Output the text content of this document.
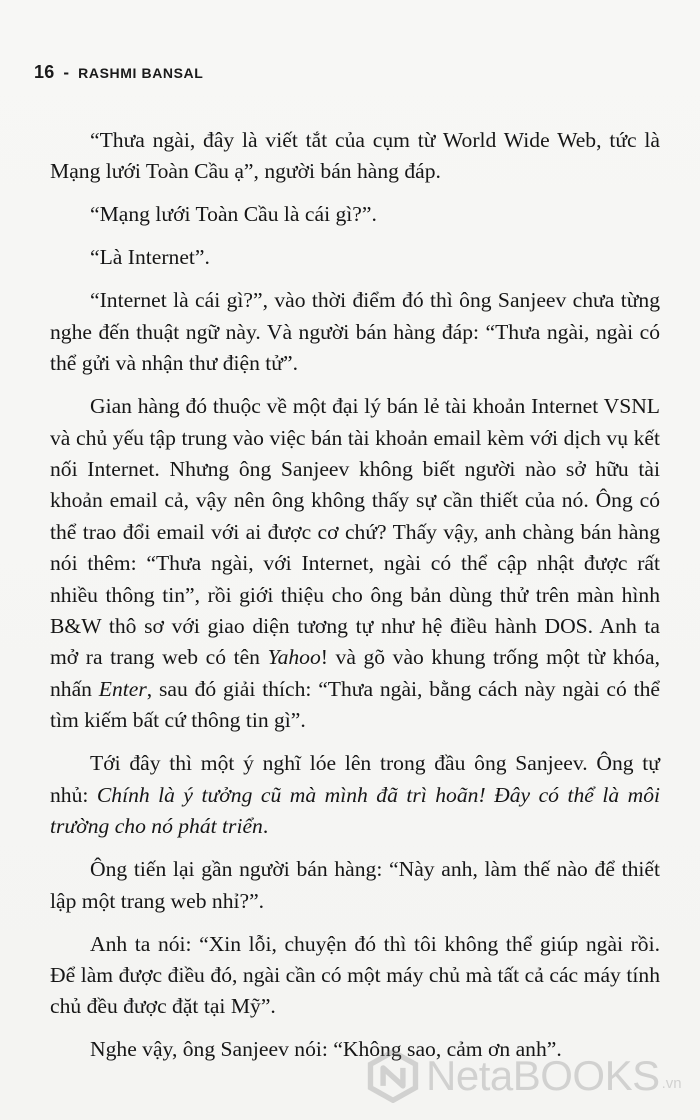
16 - RASHMI BANSAL

“Thưa ngài, đây là viết tắt của cụm từ World Wide Web, tức là Mạng lưới Toàn Cầu ạ”, người bán hàng đáp.

“Mạng lưới Toàn Cầu là cái gì?”.

“Là Internet”.

“Internet là cái gì?”, vào thời điểm đó thì ông Sanjeev chưa từng nghe đến thuật ngữ này. Và người bán hàng đáp: “Thưa ngài, ngài có thể gửi và nhận thư điện tử”.

Gian hàng đó thuộc về một đại lý bán lẻ tài khoản Internet VSNL và chủ yếu tập trung vào việc bán tài khoản email kèm với dịch vụ kết nối Internet. Nhưng ông Sanjeev không biết người nào sở hữu tài khoản email cả, vậy nên ông không thấy sự cần thiết của nó. Ông có thể trao đổi email với ai được cơ chứ? Thấy vậy, anh chàng bán hàng nói thêm: “Thưa ngài, với Internet, ngài có thể cập nhật được rất nhiều thông tin”, rồi giới thiệu cho ông bản dùng thử trên màn hình B&W thô sơ với giao diện tương tự như hệ điều hành DOS. Anh ta mở ra trang web có tên Yahoo! và gõ vào khung trống một từ khóa, nhấn Enter, sau đó giải thích: “Thưa ngài, bằng cách này ngài có thể tìm kiếm bất cứ thông tin gì”.

Tới đây thì một ý nghĩ lóe lên trong đầu ông Sanjeev. Ông tự nhủ: Chính là ý tưởng cũ mà mình đã trì hoãn! Đây có thể là môi trường cho nó phát triển.

Ông tiến lại gần người bán hàng: “Này anh, làm thế nào để thiết lập một trang web nhỉ?”.

Anh ta nói: “Xin lỗi, chuyện đó thì tôi không thể giúp ngài rồi. Để làm được điều đó, ngài cần có một máy chủ mà tất cả các máy tính chủ đều được đặt tại Mỹ”.

Nghe vậy, ông Sanjeev nói: “Không sao, cảm ơn anh”.

NetaBOOKS .vn
